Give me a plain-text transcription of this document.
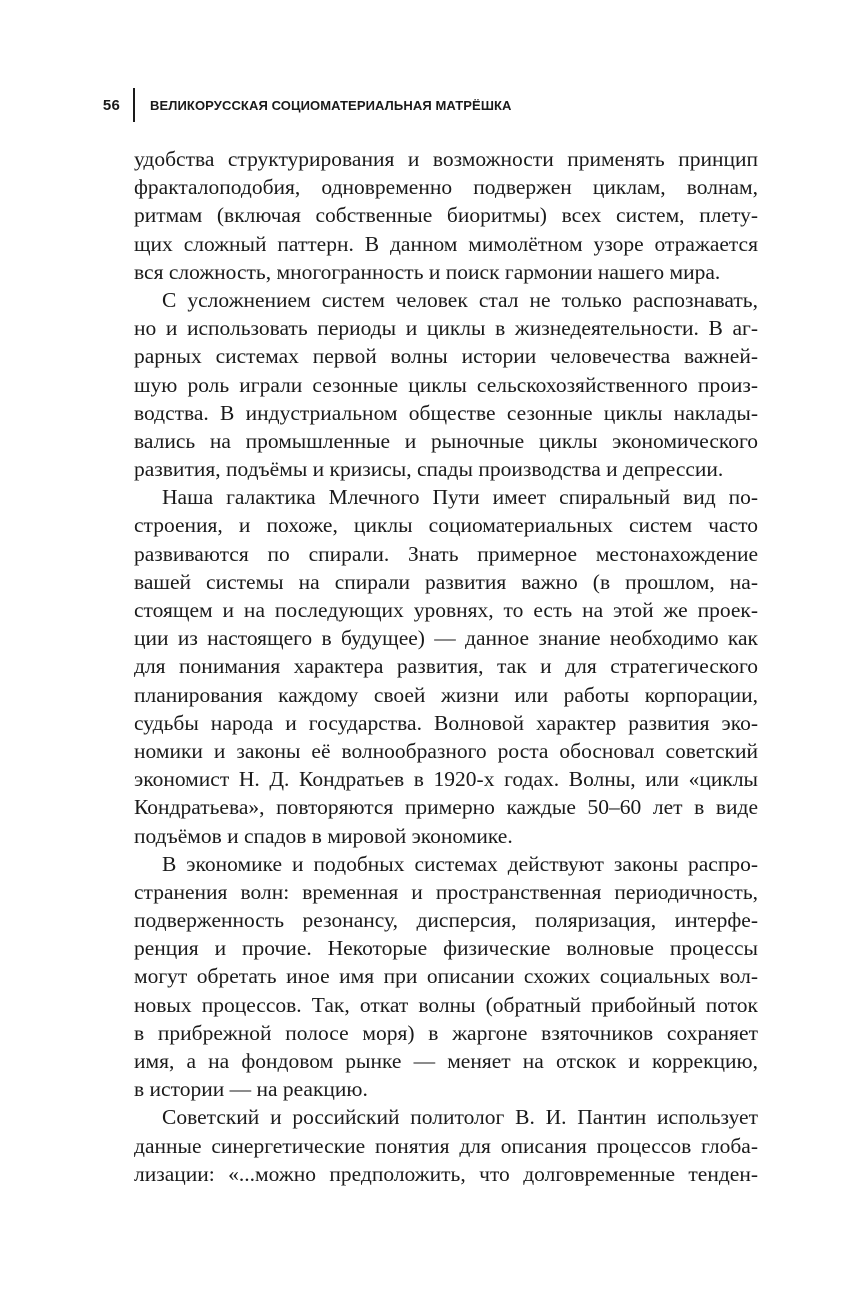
56 ВЕЛИКОРУССКАЯ СОЦИОМАТЕРИАЛЬНАЯ МАТРЁШКА

удобства структурирования и возможности применять принцип
фракталоподобия, одновременно подвержен циклам, волнам,
ритмам (включая собственные биоритмы) всех систем, плету-
щих сложный паттерн. В данном мимолётном узоре отражается
вся сложность, многогранность и поиск гармонии нашего мира.

С усложнением систем человек стал не только распознавать,
но и использовать периоды и циклы в жизнедеятельности. В аг-
рарных системах первой волны истории человечества важней-
шую роль играли сезонные циклы сельскохозяйственного произ-
водства. В индустриальном обществе сезонные циклы наклады-
вались на промышленные и рыночные циклы экономического
развития, подъёмы и кризисы, спады производства и депрессии.

Наша галактика Млечного Пути имеет спиральный вид по-
строения, и похоже, циклы социоматериальных систем часто
развиваются по спирали. Знать примерное местонахождение
вашей системы на спирали развития важно (в прошлом, на-
стоящем и на последующих уровнях, то есть на этой же проек-
ции из настоящего в будущее) — данное знание необходимо как
для понимания характера развития, так и для стратегического
планирования каждому своей жизни или работы корпорации,
судьбы народа и государства. Волновой характер развития эко-
номики и законы её волнообразного роста обосновал советский
экономист Н. Д. Кондратьев в 1920-х годах. Волны, или «циклы
Кондратьева», повторяются примерно каждые 50–60 лет в виде
подъёмов и спадов в мировой экономике.

В экономике и подобных системах действуют законы распро-
странения волн: временная и пространственная периодичность,
подверженность резонансу, дисперсия, поляризация, интерфе-
ренция и прочие. Некоторые физические волновые процессы
могут обретать иное имя при описании схожих социальных вол-
новых процессов. Так, откат волны (обратный прибойный поток
в прибрежной полосе моря) в жаргоне взяточников сохраняет
имя, а на фондовом рынке — меняет на отскок и коррекцию,
в истории — на реакцию.

Советский и российский политолог В. И. Пантин использует
данные синергетические понятия для описания процессов глоба-
лизации: «...можно предположить, что долговременные тенден-
